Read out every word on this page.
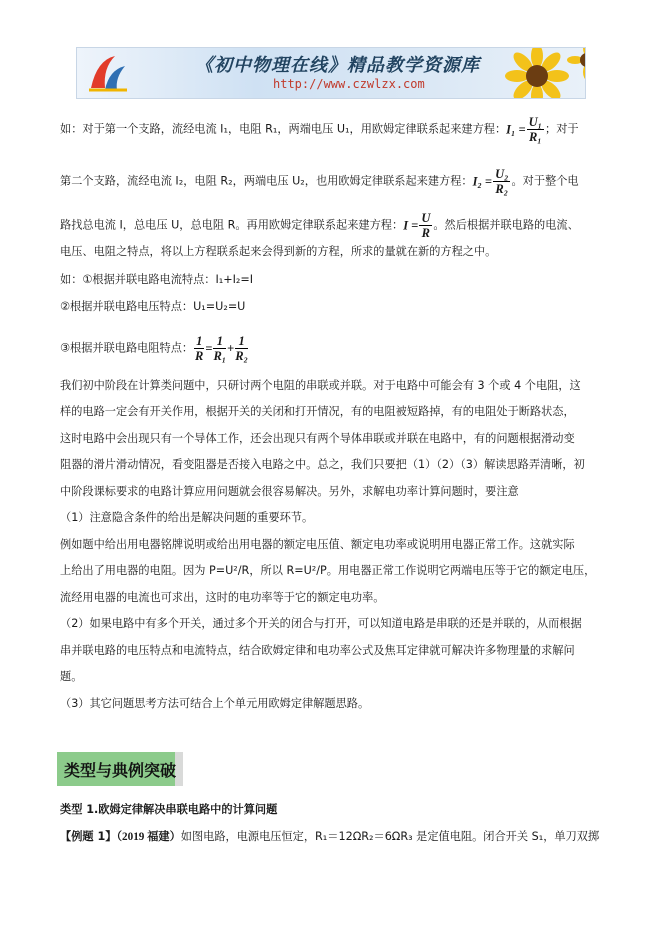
《初中物理在线》精品教学资源库
http://www.czwlzx.com
如：对于第一个支路，流经电流 I₁，电阻 R₁，两端电压 U₁，用欧姆定律联系起来建方程：$I_1 = \frac{\text{U₁}}{\text{R₁}}$ ；对于
第二个支路，流经电流 I₂，电阻 R₂，两端电压 U₂，也用欧姆定律联系起来建方程：$I_2 = \frac{\text{U₂}}{\text{R₂}}$ 。对于整个电
路找总电流 I，总电压 U，总电阻 R。再用欧姆定律联系起来建方程：$I = \frac{U}{R}$ 。然后根据并联电路的电流、
电压、电阻之特点，将以上方程联系起来会得到新的方程，所求的量就在新的方程之中。
如：①根据并联电路电流特点：I₁+I₂=I
②根据并联电路电压特点：U₁=U₂=U
③根据并联电路电阻特点： $\frac{1}{R} = \frac{1}{\text{R₁}} + \frac{1}{\text{R₂}}$
我们初中阶段在计算类问题中，只研讨两个电阻的串联或并联。对于电路中可能会有 3 个或 4 个电阻，这
样的电路一定会有开关作用，根据开关的关闭和打开情况，有的电阻被短路掉，有的电阻处于断路状态，
这时电路中会出现只有一个导体工作，还会出现只有两个导体串联或并联在电路中，有的问题根据滑动变
阻器的滑片滑动情况，看变阻器是否接入电路之中。总之，我们只要把（1）（2）（3）解读思路弄清晰，初
中阶段课标要求的电路计算应用问题就会很容易解决。另外，求解电功率计算问题时，要注意
（1）注意隐含条件的给出是解决问题的重要环节。
例如题中给出用电器铭牌说明或给出用电器的额定电压值、额定电功率或说明用电器正常工作。这就实际
上给出了用电器的电阻。因为 P=U²/R，所以 R=U²/P。用电器正常工作说明它两端电压等于它的额定电压，
流经用电器的电流也可求出，这时的电功率等于它的额定电功率。
（2）如果电路中有多个开关，通过多个开关的闭合与打开，可以知道电路是串联的还是并联的，从而根据
串并联电路的电压特点和电流特点，结合欧姆定律和电功率公式及焦耳定律就可解决许多物理量的求解问
题。
（3）其它问题思考方法可结合上个单元用欧姆定律解题思路。
类型与典例突破
类型 1.欧姆定律解决串联电路中的计算问题
【例题 1】（2019 福建）如图电路，电源电压恒定，R₁＝12ΩR₂＝6ΩR₃ 是定值电阻。闭合开关 S₁，单刀双掷
